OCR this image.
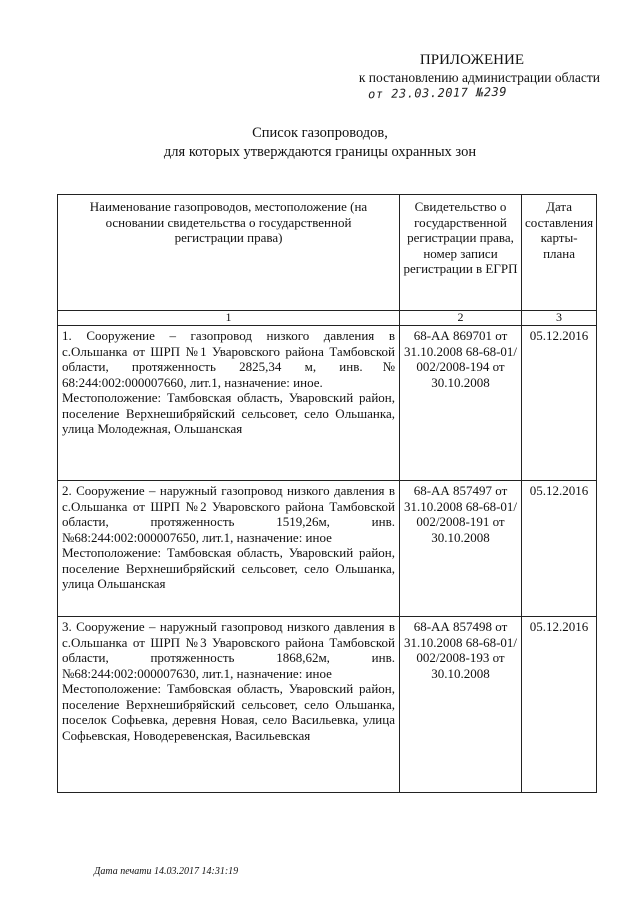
ПРИЛОЖЕНИЕ
к постановлению администрации области
от 23.03.2017 №239
Список газопроводов,
для которых утверждаются границы охранных зон
Наименование газопроводов, местоположение (на основании свидетельства о государственной регистрации права)	Свидетельство о государственной регистрации права, номер записи регистрации в ЕГРП	Дата составления карты-плана

1	2	3

1. Сооружение – газопровод низкого давления в с.Ольшанка от ШРП №1 Уваровского района Тамбовской области, протяженность 2825,34 м, инв.№ 68:244:002:000007660, лит.1, назначение: иное.

Местоположение: Тамбовская область, Уваровский район, поселение Верхнешибряйский сельсовет, село Ольшанка, улица Молодежная, Ольшанская	68-АА 869701 от 31.10.2008 68-68-01/ 002/2008-194 от 30.10.2008	05.12.2016

2. Сооружение – наружный газопровод низкого давления в с.Ольшанка от ШРП №2 Уваровского района Тамбовской области, протяженность 1519,26м, инв.№68:244:002:000007650, лит.1, назначение: иное

Местоположение: Тамбовская область, Уваровский район, поселение Верхнешибряйский сельсовет, село Ольшанка, улица Ольшанская	68-АА 857497 от 31.10.2008 68-68-01/ 002/2008-191 от 30.10.2008	05.12.2016

3. Сооружение – наружный газопровод низкого давления в с.Ольшанка от ШРП №3 Уваровского района Тамбовской области, протяженность 1868,62м, инв.№68:244:002:000007630, лит.1, назначение: иное

Местоположение: Тамбовская область, Уваровский район, поселение Верхнешибряйский сельсовет, село Ольшанка, поселок Софьевка, деревня Новая, село Васильевка, улица Софьевская, Новодеревенская, Васильевская	68-АА 857498 от 31.10.2008 68-68-01/ 002/2008-193 от 30.10.2008	05.12.2016
Дата печати 14.03.2017 14:31:19
